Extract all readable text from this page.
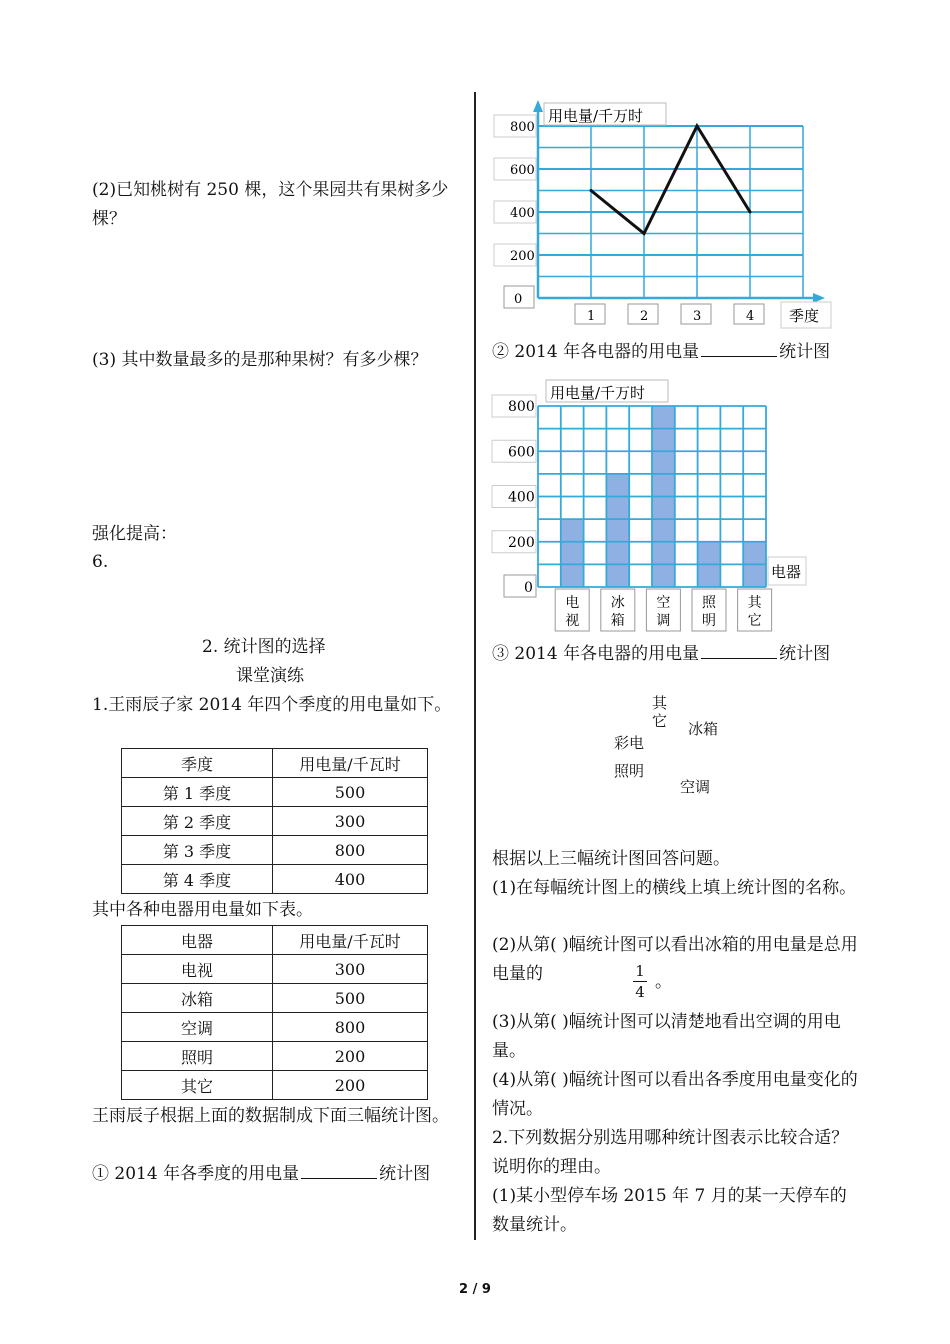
(2)已知桃树有 250 棵，这个果园共有果树多少棵？
(3) 其中数量最多的是那种果树？有多少棵？
强化提高：
6.
2. 统计图的选择
课堂演练
1.王雨辰子家 2014 年四个季度的用电量如下。
季度	用电量/千瓦时
第 1 季度	500
第 2 季度	300
第 3 季度	800
第 4 季度	400
其中各种电器用电量如下表。
电器	用电量/千瓦时
电视	300
冰箱	500
空调	800
照明	200
其它	200
王雨辰子根据上面的数据制成下面三幅统计图。
① 2014 年各季度的用电量	统计图
用电量/千万时
0
200
400
600
800
1	2	3	4 季度
② 2014 年各电器的用电量	统计图
用电量/千万时
0
200
400
600
800
电
视
冰
箱
空
调
照
明
其
它
电器
③ 2014 年各电器的用电量	统计图
其它 冰箱
彩电
照明
空调
根据以上三幅统计图回答问题。
(1)在每幅统计图上的横线上填上统计图的名称。
(2)从第( )幅统计图可以看出冰箱的用电量是总用电量的	1
4 。
(3)从第( )幅统计图可以清楚地看出空调的用电量。
(4)从第( )幅统计图可以看出各季度用电量变化的情况。
2.下列数据分别选用哪种统计图表示比较合适？说明你的理由。
(1)某小型停车场 2015 年 7 月的某一天停车的数量统计。
2 / 9
